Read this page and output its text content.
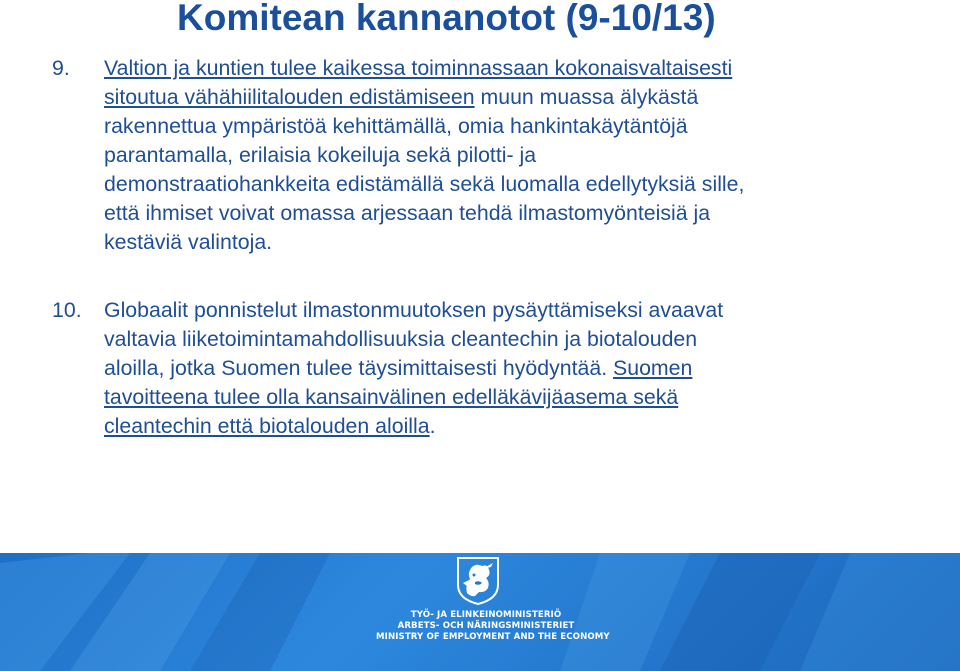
Komitean kannanotot (9-10/13)
9. Valtion ja kuntien tulee kaikessa toiminnassaan kokonaisvaltaisesti
sitoutua vähähiilitalouden edistämiseen muun muassa älykästä
rakennettua ympäristöä kehittämällä, omia hankintakäytäntöjä
parantamalla, erilaisia kokeiluja sekä pilotti- ja
demonstraatiohankkeita edistämällä sekä luomalla edellytyksiä sille,
että ihmiset voivat omassa arjessaan tehdä ilmastomyönteisiä ja
kestäviä valintoja.
10. Globaalit ponnistelut ilmastonmuutoksen pysäyttämiseksi avaavat
valtavia liiketoimintamahdollisuuksia cleantechin ja biotalouden
aloilla, jotka Suomen tulee täysimittaisesti hyödyntää. Suomen
tavoitteena tulee olla kansainvälinen edelläkävijäasema sekä
cleantechin että biotalouden aloilla.
TYÖ- JA ELINKEINOMINISTERIÖ
ARBETS- OCH NÄRINGSMINISTERIET
MINISTRY OF EMPLOYMENT AND THE ECONOMY
